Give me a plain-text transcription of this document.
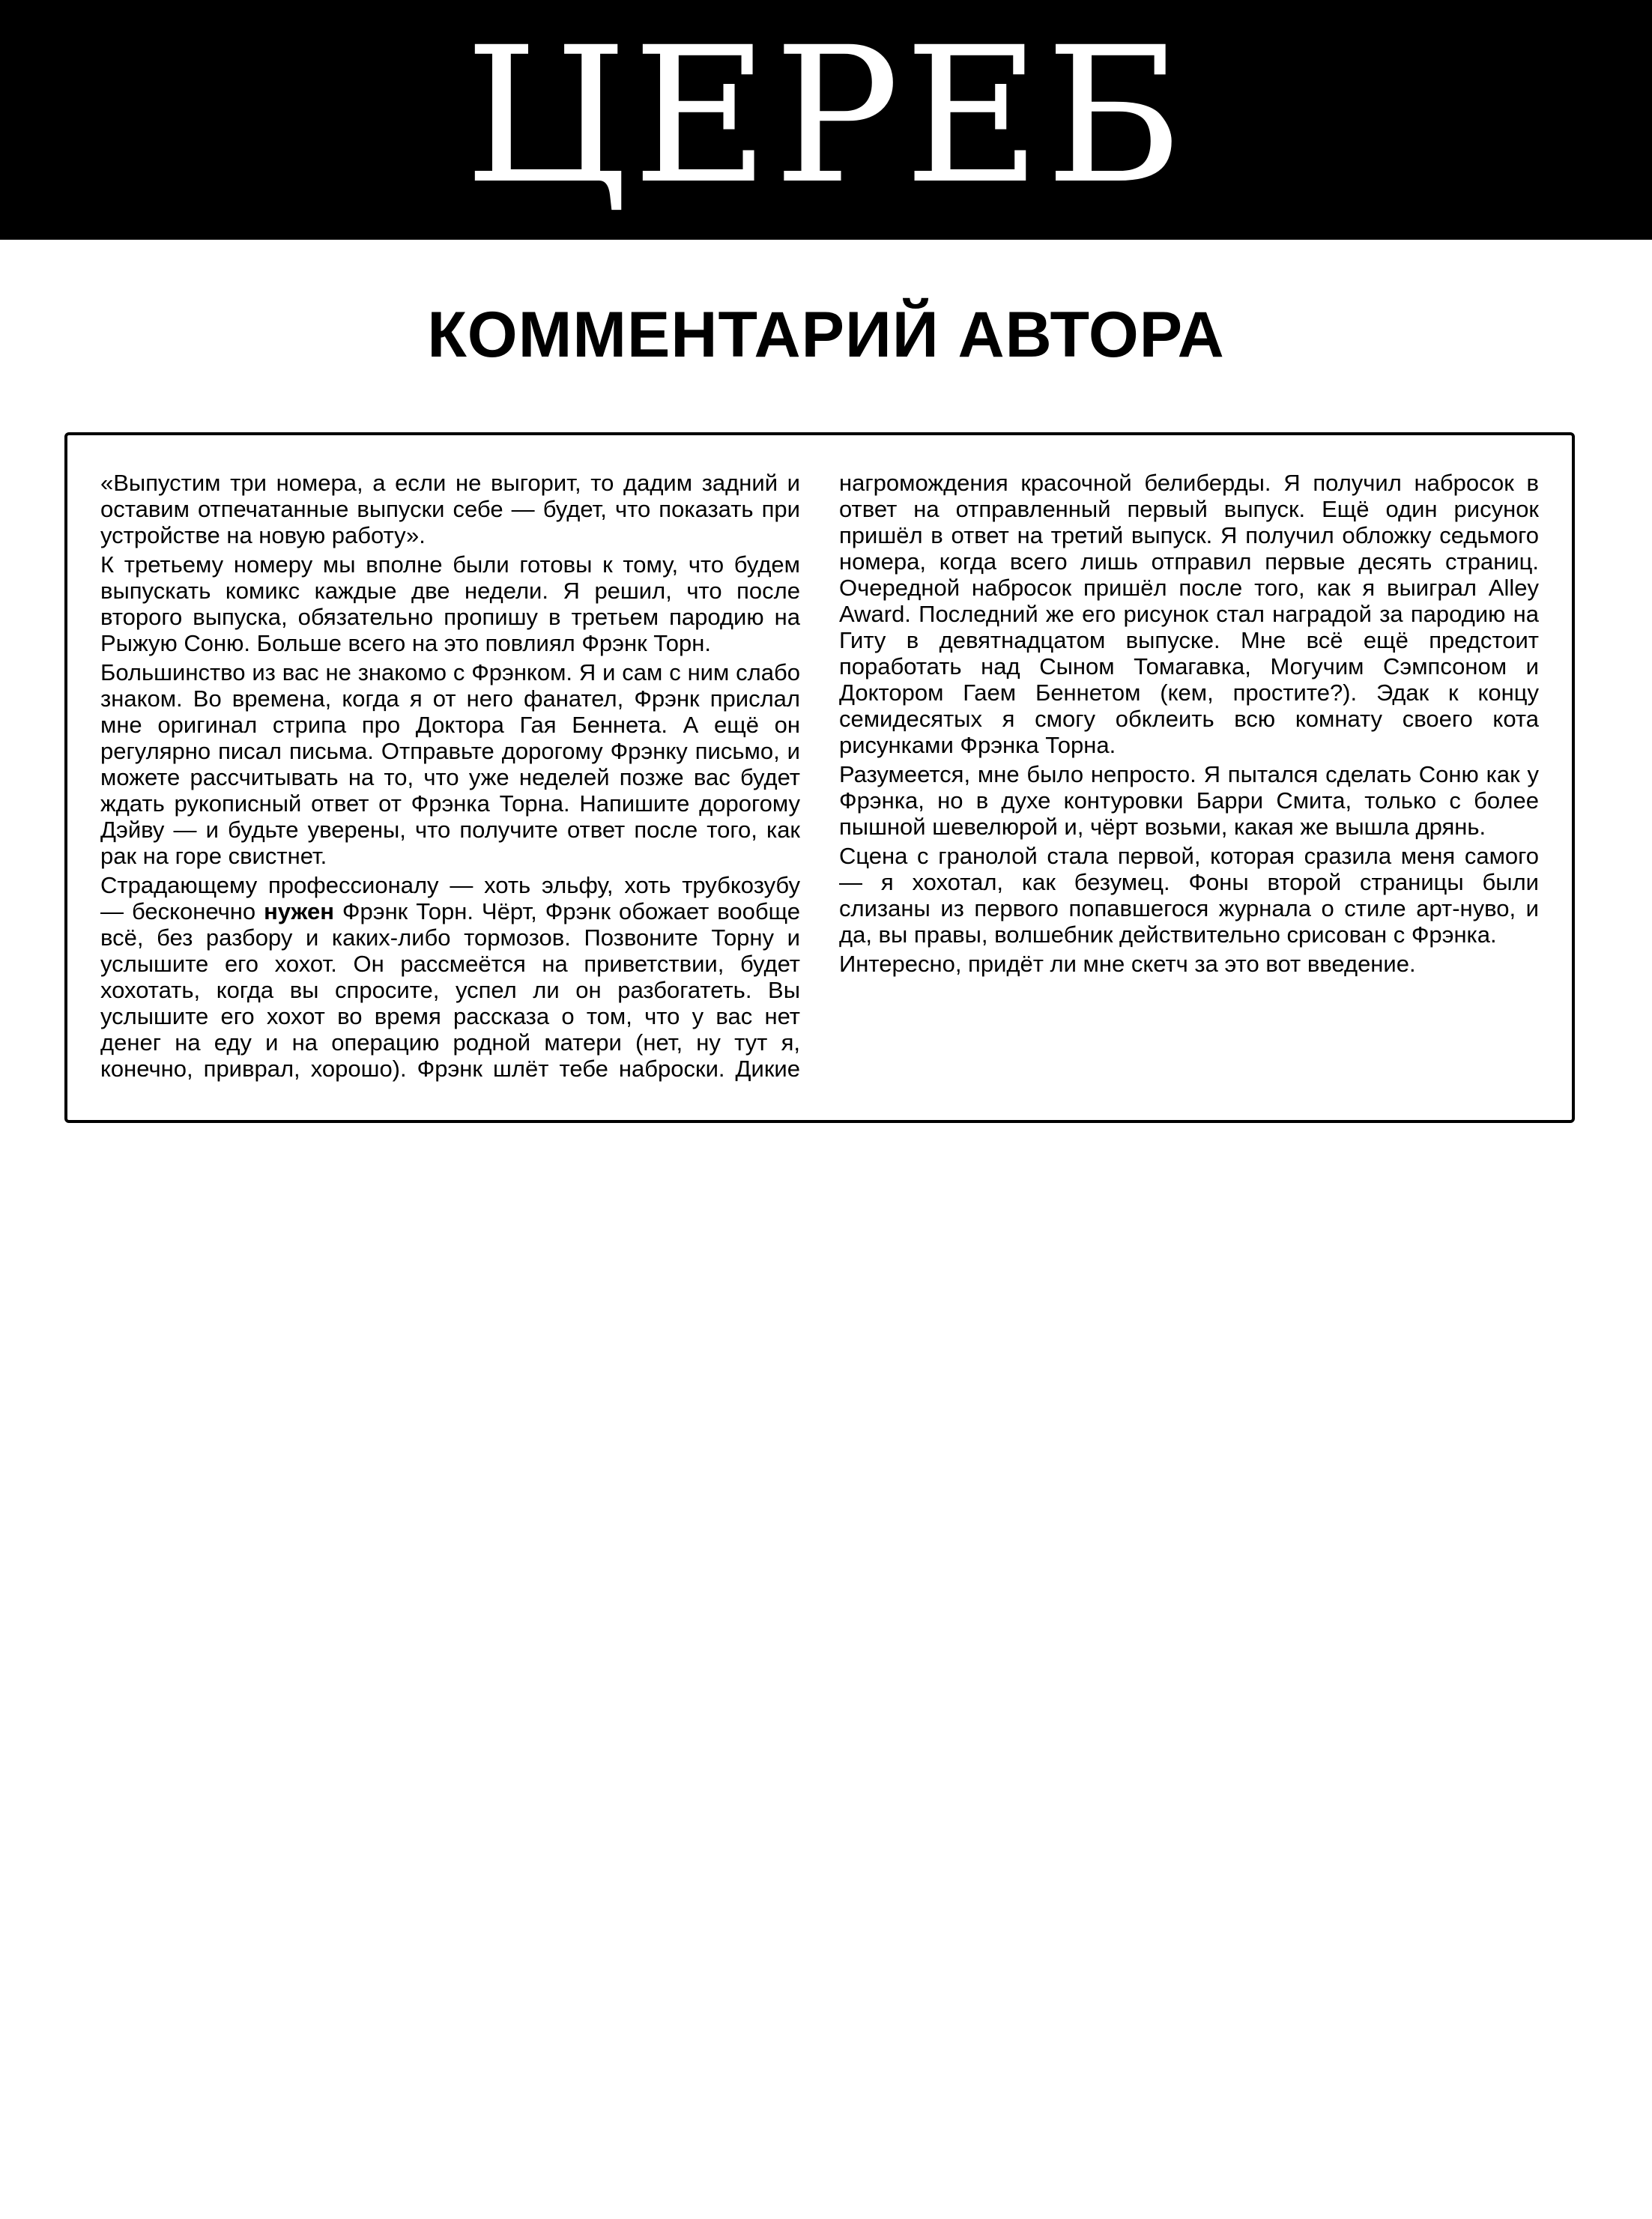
ЦЕРЕБ
КОММЕНТАРИЙ АВТОРА

«Выпустим три номера, а если не выгорит, то дадим задний и оставим отпечатанные выпуски себе — будет, что показать при устройстве на новую работу».

К третьему номеру мы вполне были готовы к тому, что будем выпускать комикс каждые две недели. Я решил, что после второго выпуска, обязательно пропишу в третьем пародию на Рыжую Соню. Больше всего на это повлиял Фрэнк Торн.

Большинство из вас не знакомо с Фрэнком. Я и сам с ним слабо знаком. Во времена, когда я от него фанател, Фрэнк прислал мне оригинал стрипа про Доктора Гая Беннета. А ещё он регулярно писал письма. Отправьте дорогому Фрэнку письмо, и можете рассчитывать на то, что уже неделей позже вас будет ждать рукописный ответ от Фрэнка Торна. Напишите дорогому Дэйву — и будьте уверены, что получите ответ после того, как рак на горе свистнет.

Страдающему профессионалу — хоть эльфу, хоть трубкозубу — бесконечно нужен Фрэнк Торн. Чёрт, Фрэнк обожает вообще всё, без разбору и каких-либо тормозов. Позвоните Торну и услышите его хохот. Он рассмеётся на приветствии, будет хохотать, когда вы спросите, успел ли он разбогатеть. Вы услышите его хохот во время рассказа о том, что у вас нет денег на еду и на операцию родной матери (нет, ну тут я, конечно, приврал, хорошо). Фрэнк шлёт тебе наброски. Дикие нагромождения красочной белиберды. Я получил набросок в ответ на отправленный первый выпуск. Ещё один рисунок пришёл в ответ на третий выпуск. Я получил обложку седьмого номера, когда всего лишь отправил первые десять страниц. Очередной набросок пришёл после того, как я выиграл Alley Award. Последний же его рисунок стал наградой за пародию на Гиту в девятнадцатом выпуске. Мне всё ещё предстоит поработать над Сыном Томагавка, Могучим Сэмпсоном и Доктором Гаем Беннетом (кем, простите?). Эдак к концу семидесятых я смогу обклеить всю комнату своего кота рисунками Фрэнка Торна.

Разумеется, мне было непросто. Я пытался сделать Соню как у Фрэнка, но в духе контуровки Барри Смита, только с более пышной шевелюрой и, чёрт возьми, какая же вышла дрянь.

Сцена с гранолой стала первой, которая сразила меня самого — я хохотал, как безумец. Фоны второй страницы были слизаны из первого попавшегося журнала о стиле арт-нуво, и да, вы правы, волшебник действительно срисован с Фрэнка.

Интересно, придёт ли мне скетч за это вот введение.
